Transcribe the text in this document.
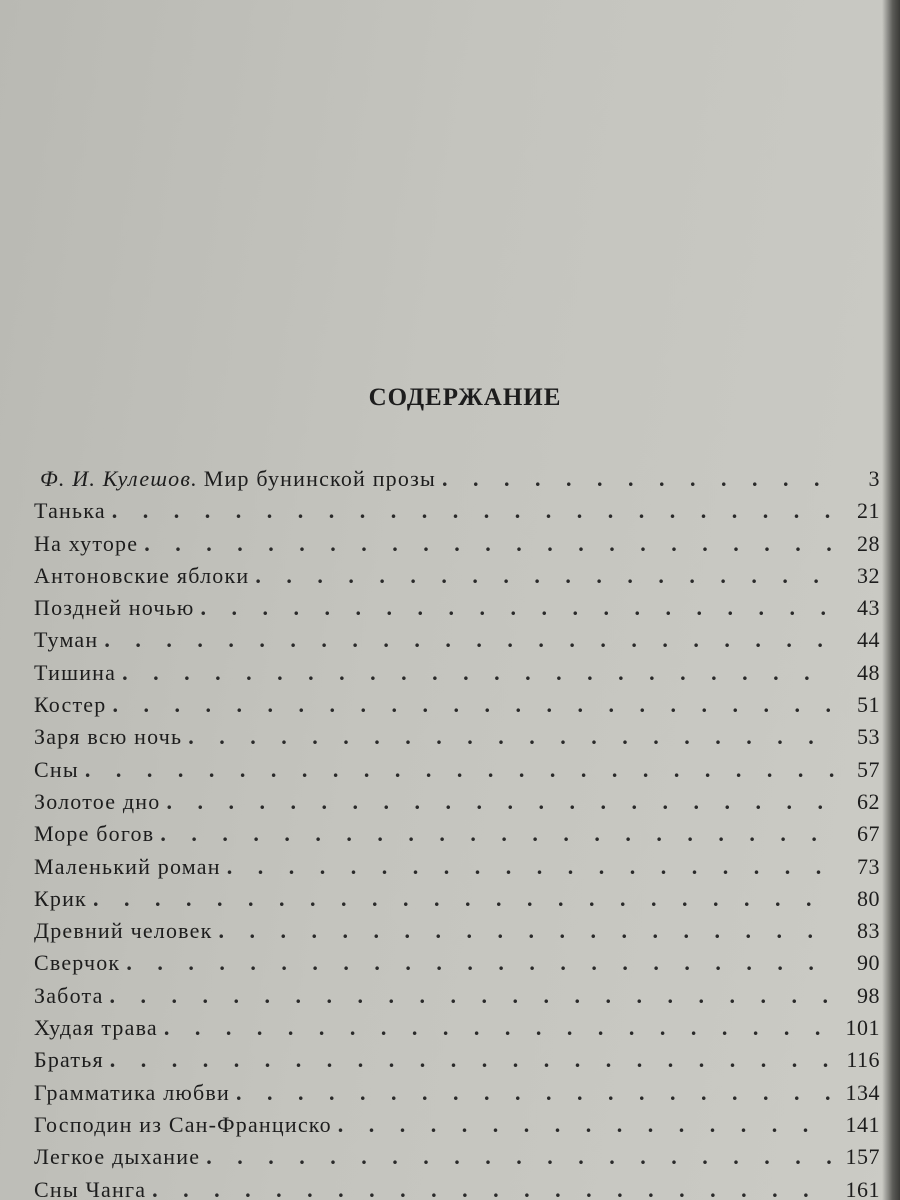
СОДЕРЖАНИЕ
Ф. И. Кулешов. Мир бунинской прозы . . .	3
Танька . . .	21
На хуторе . . .	28
Антоновские яблоки . . .	32
Поздней ночью . . .	43
Туман . . .	44
Тишина . . .	48
Костер . . .	51
Заря всю ночь . . .	53
Сны . . .	57
Золотое дно . . .	62
Море богов . . .	67
Маленький роман . . .	73
Крик . . .	80
Древний человек . . .	83
Сверчок . . .	90
Забота . . .	98
Худая трава . . .	101
Братья . . .	116
Грамматика любви . . .	134
Господин из Сан-Франциско . . .	141
Легкое дыхание . . .	157
Сны Чанга . . .	161
